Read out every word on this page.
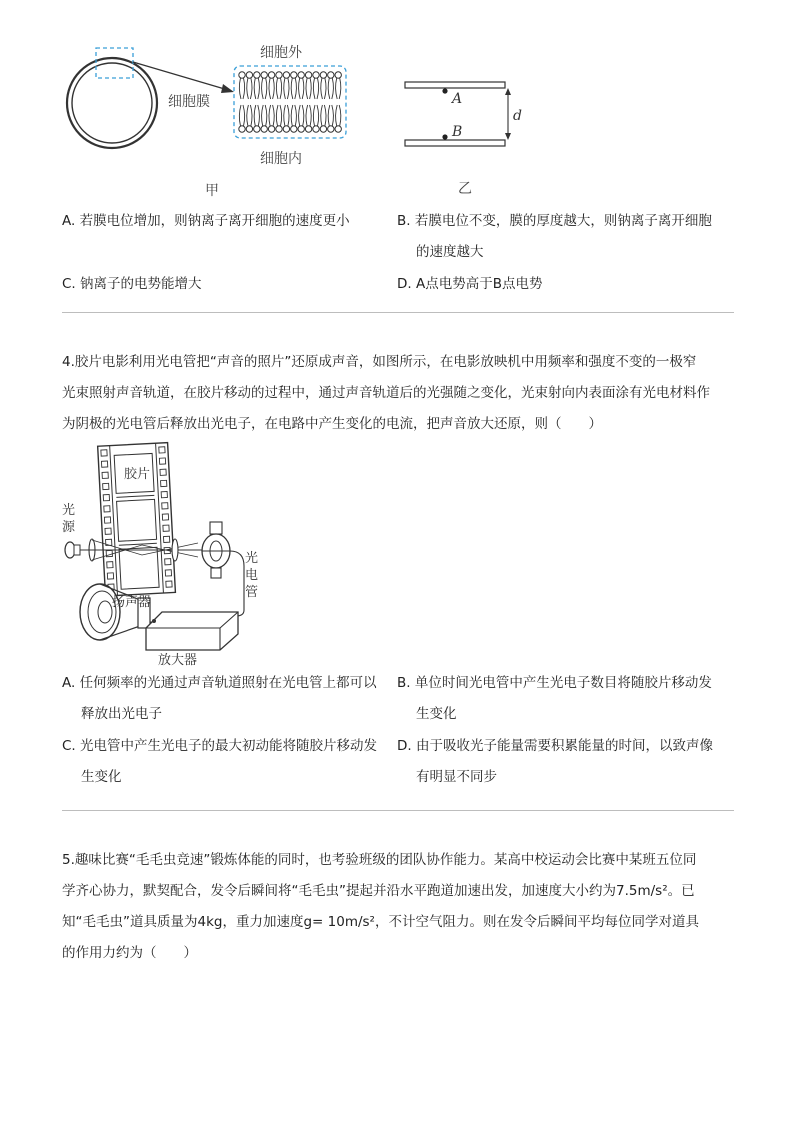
细胞外
细胞膜
细胞内
甲
A
B
d
乙
A. 若膜电位增加，则钠离子离开细胞的速度更小	B. 若膜电位不变，膜的厚度越大，则钠离子离开细胞
的速度越大
C. 钠离子的电势能增大	D. A点电势高于B点电势
4.胶片电影利用光电管把“声音的照片”还原成声音，如图所示，在电影放映机中用频率和强度不变的一极窄
光束照射声音轨道，在胶片移动的过程中，通过声音轨道后的光强随之变化，光束射向内表面涂有光电材料作
为阴极的光电管后释放出光电子，在电路中产生变化的电流，把声音放大还原，则（　　）
胶片
光
源
光
电
管
扬声器
放大器
A. 任何频率的光通过声音轨道照射在光电管上都可以
释放出光电子
B. 单位时间光电管中产生光电子数目将随胶片移动发
生变化
C. 光电管中产生光电子的最大初动能将随胶片移动发
生变化
D. 由于吸收光子能量需要积累能量的时间，以致声像
有明显不同步
5.趣味比赛“毛毛虫竞速”锻炼体能的同时，也考验班级的团队协作能力。某高中校运动会比赛中某班五位同
学齐心协力，默契配合，发令后瞬间将“毛毛虫”提起并沿水平跑道加速出发，加速度大小约为7.5m/s²。已
知“毛毛虫”道具质量为4kg，重力加速度g= 10m/s²，不计空气阻力。则在发令后瞬间平均每位同学对道具
的作用力约为（　　）
